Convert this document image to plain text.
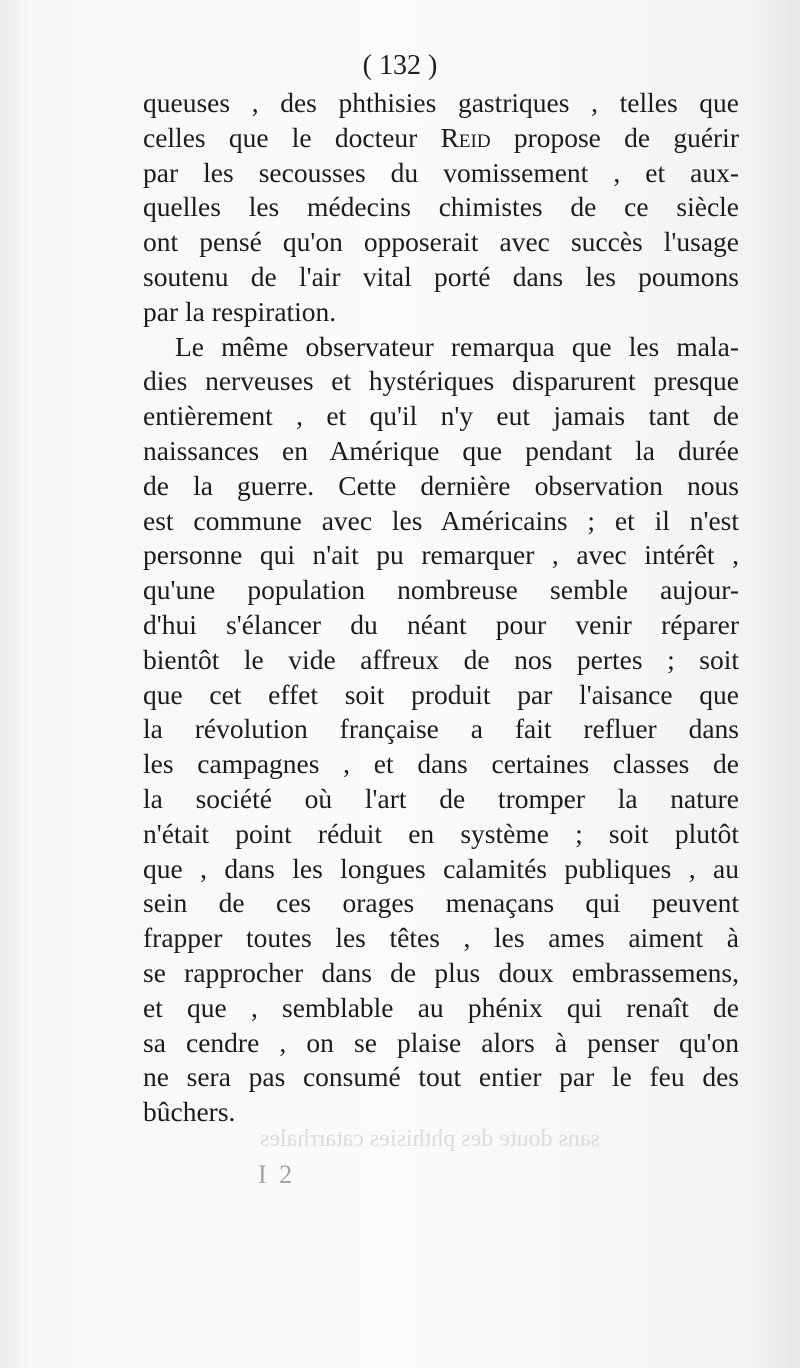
sans doute des phthisies catarrhales
( 132 )
queuses , des phthisies gastriques , telles que
celles que le docteur Reid propose de guérir
par les secousses du vomissement , et aux-
quelles les médecins chimistes de ce siècle
ont pensé qu'on opposerait avec succès l'usage
soutenu de l'air vital porté dans les poumons
par la respiration.
Le même observateur remarqua que les mala-
dies nerveuses et hystériques disparurent presque
entièrement , et qu'il n'y eut jamais tant de
naissances en Amérique que pendant la durée
de la guerre. Cette dernière observation nous
est commune avec les Américains ; et il n'est
personne qui n'ait pu remarquer , avec intérêt ,
qu'une population nombreuse semble aujour-
d'hui s'élancer du néant pour venir réparer
bientôt le vide affreux de nos pertes ; soit
que cet effet soit produit par l'aisance que
la révolution française a fait refluer dans
les campagnes , et dans certaines classes de
la société où l'art de tromper la nature
n'était point réduit en système ; soit plutôt
que , dans les longues calamités publiques , au
sein de ces orages menaçans qui peuvent
frapper toutes les têtes , les ames aiment à
se rapprocher dans de plus doux embrassemens,
et que , semblable au phénix qui renaît de
sa cendre , on se plaise alors à penser qu'on
ne sera pas consumé tout entier par le feu des
bûchers.
I 2
